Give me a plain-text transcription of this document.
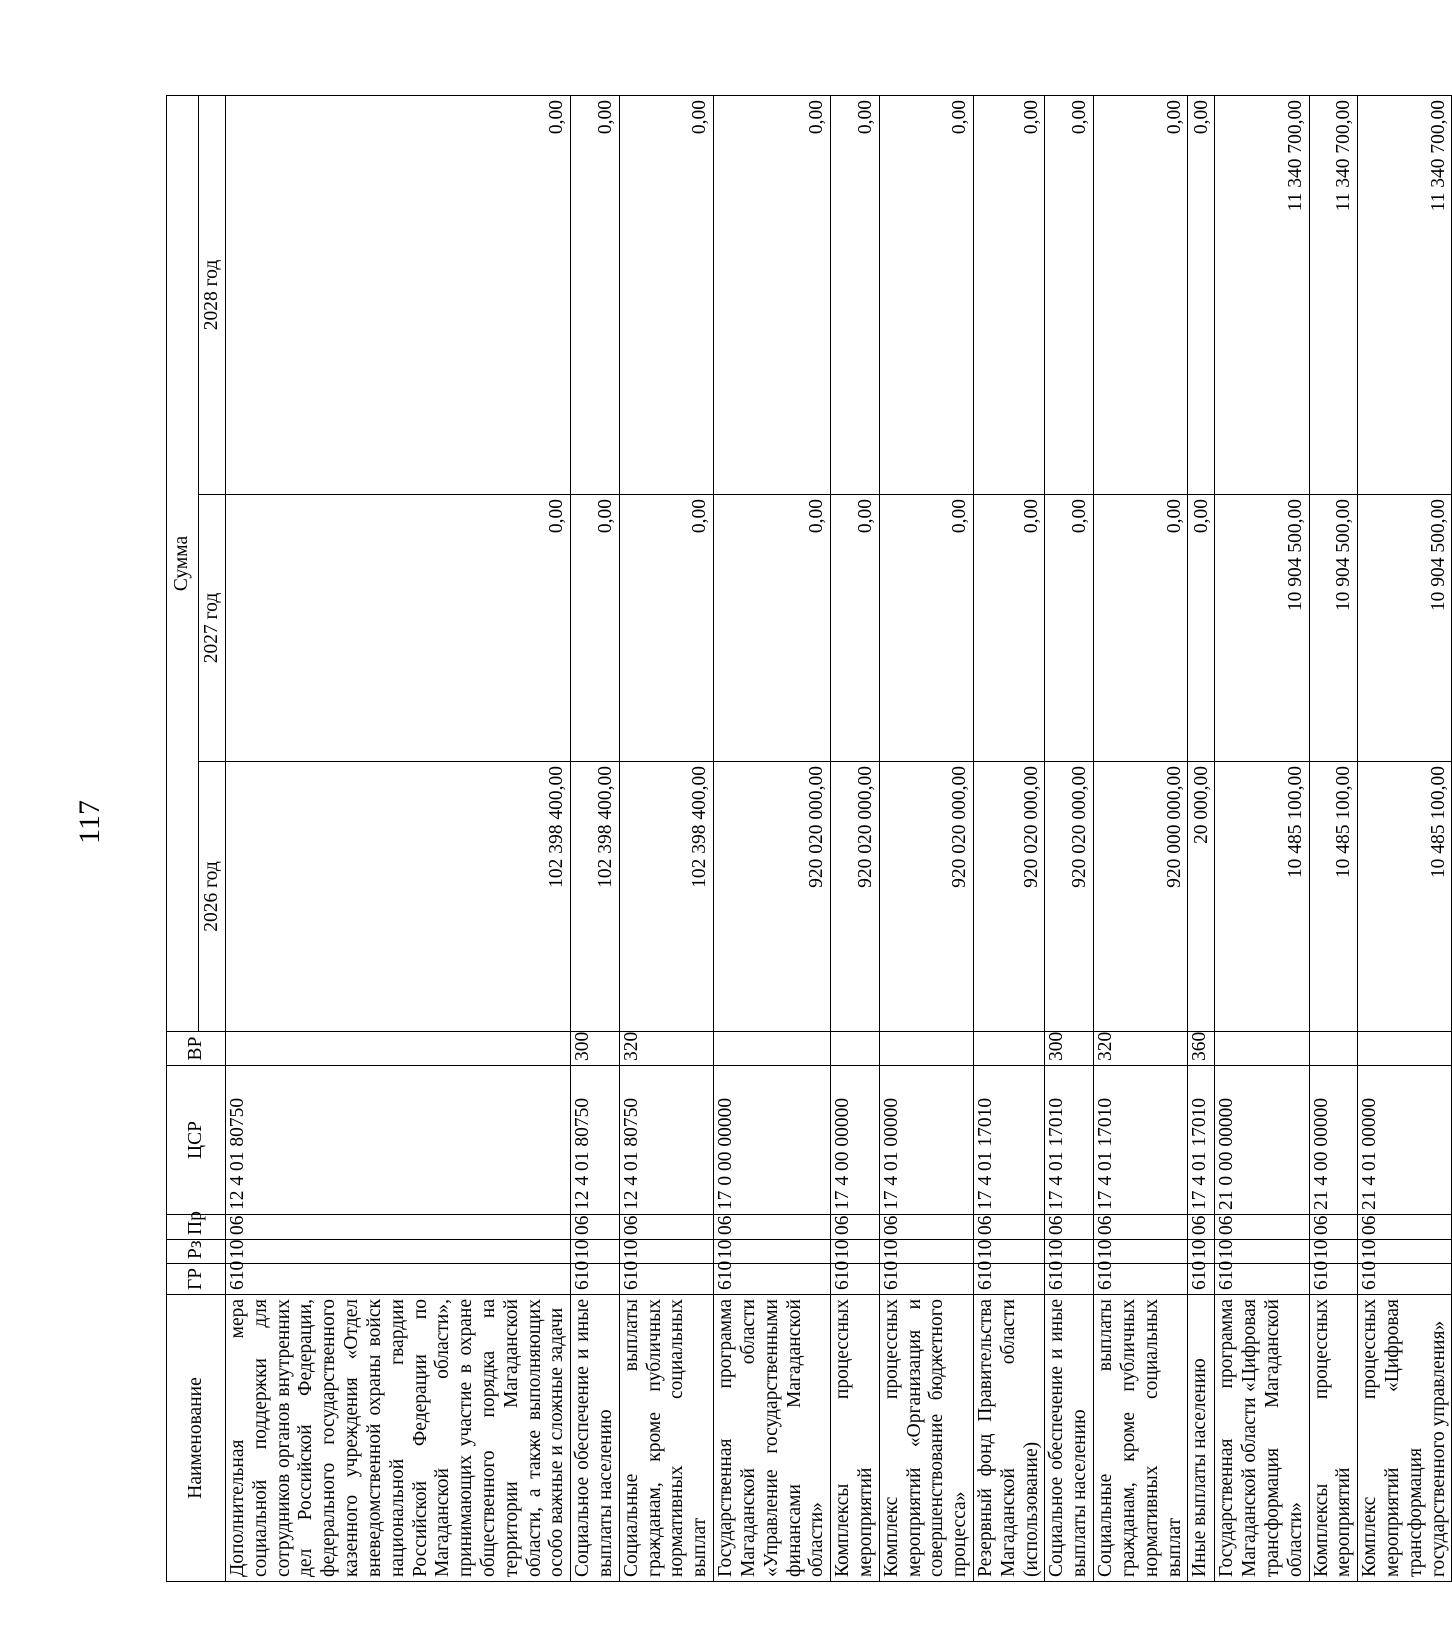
117
Наименование	ГР	Рз	Пр	ЦСР	ВР	Сумма		
						2026 год	2027 год	2028 год
Дополнительная мера социальной поддержки для сотрудников органов внутренних дел Российской Федерации, федерального государственного казенного учреждения «Отдел вневедомственной охраны войск национальной гвардии Российской Федерации по Магаданской области», принимающих участие в охране общественного порядка на территории Магаданской области, а также выполняющих особо важные и сложные задачи	610	10	06	12 4 01 80750		102 398 400,00	0,00	0,00
Социальное обеспечение и иные выплаты населению	610	10	06	12 4 01 80750	300	102 398 400,00	0,00	0,00
Социальные выплаты гражданам, кроме публичных нормативных социальных выплат	610	10	06	12 4 01 80750	320	102 398 400,00	0,00	0,00
Государственная программа Магаданской области «Управление государственными финансами Магаданской области»	610	10	06	17 0 00 00000		920 020 000,00	0,00	0,00
Комплексы процессных мероприятий	610	10	06	17 4 00 00000		920 020 000,00	0,00	0,00
Комплекс процессных мероприятий «Организация и совершенствование бюджетного процесса»	610	10	06	17 4 01 00000		920 020 000,00	0,00	0,00
Резервный фонд Правительства Магаданской области (использование)	610	10	06	17 4 01 17010		920 020 000,00	0,00	0,00
Социальное обеспечение и иные выплаты населению	610	10	06	17 4 01 17010	300	920 020 000,00	0,00	0,00
Социальные выплаты гражданам, кроме публичных нормативных социальных выплат	610	10	06	17 4 01 17010	320	920 000 000,00	0,00	0,00
Иные выплаты населению	610	10	06	17 4 01 17010	360	20 000,00	0,00	0,00
Государственная программа Магаданской области «Цифровая трансформация Магаданской области»	610	10	06	21 0 00 00000		10 485 100,00	10 904 500,00	11 340 700,00
Комплексы процессных мероприятий	610	10	06	21 4 00 00000		10 485 100,00	10 904 500,00	11 340 700,00
Комплекс процессных мероприятий «Цифровая трансформация государственного управления»	610	10	06	21 4 01 00000		10 485 100,00	10 904 500,00	11 340 700,00
